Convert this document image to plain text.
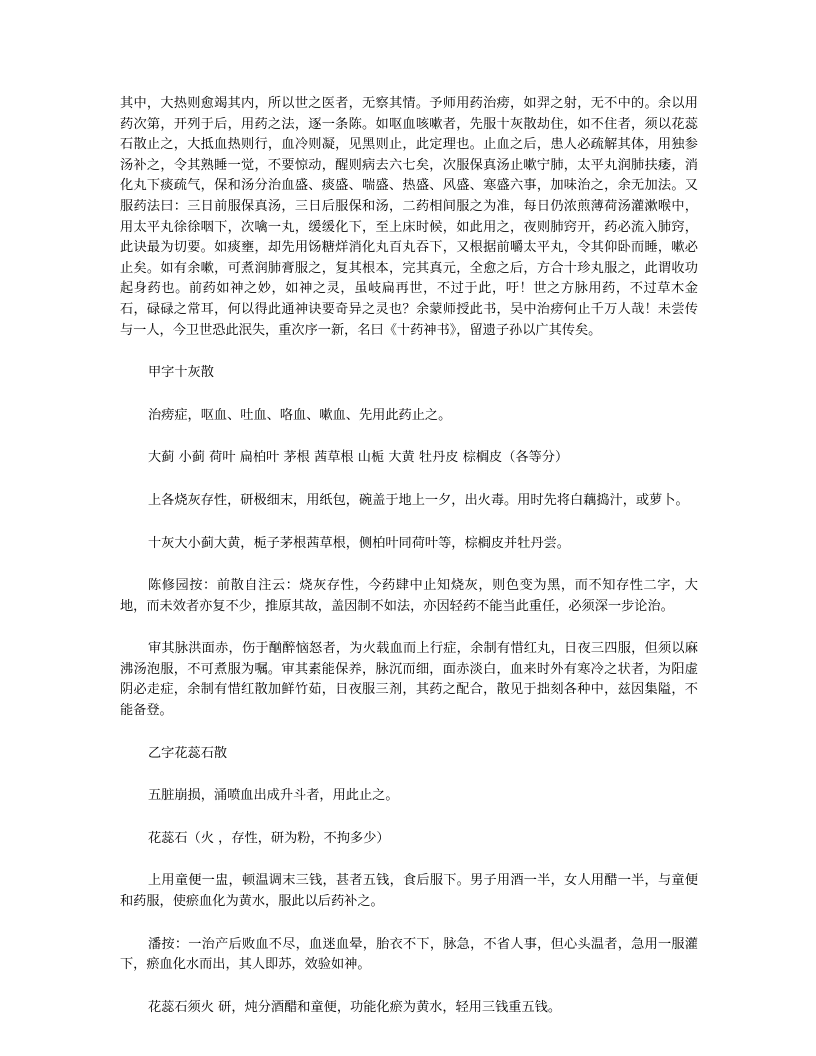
其中，大热则愈竭其内，所以世之医者，无察其情。予师用药治痨，如羿之射，无不中的。余以用药次第，开列于后，用药之法，逐一条陈。如呕血咳嗽者，先服十灰散劫住，如不住者，须以花蕊石散止之，大抵血热则行，血冷则凝，见黑则止，此定理也。止血之后，患人必疏解其体，用独参汤补之，令其熟睡一觉，不要惊动，醒则病去六七矣，次服保真汤止嗽宁肺，太平丸润肺扶痿，消化丸下痰疏气，保和汤分治血盛、痰盛、喘盛、热盛、风盛、寒盛六事，加味治之，余无加法。又服药法曰：三日前服保真汤，三日后服保和汤，二药相间服之为准，每日仍浓煎薄荷汤灌漱喉中，用太平丸徐徐咽下，次噙一丸，缓缓化下，至上床时候，如此用之，夜则肺窍开，药必流入肺窍，此诀最为切要。如痰壅，却先用饧糖烊消化丸百丸吞下，又根据前嚼太平丸，令其仰卧而睡，嗽必止矣。如有余嗽，可煮润肺膏服之，复其根本，完其真元，全愈之后，方合十珍丸服之，此谓收功起身药也。前药如神之妙，如神之灵，虽岐扁再世，不过于此，吁！世之方脉用药，不过草木金石，碌碌之常耳，何以得此通神诀要奇异之灵也？余蒙师授此书，吴中治痨何止千万人哉！未尝传与一人，今卫世恐此泯失，重次序一新，名曰《十药神书》，留遗子孙以广其传矣。

甲字十灰散

治痨症，呕血、吐血、咯血、嗽血、先用此药止之。

大蓟 小蓟 荷叶 扁柏叶 茅根 茜草根 山栀 大黄 牡丹皮 棕榈皮（各等分）

上各烧灰存性，研极细末，用纸包，碗盖于地上一夕，出火毒。用时先将白藕捣汁，或萝卜。

十灰大小蓟大黄，栀子茅根茜草根，侧柏叶同荷叶等，棕榈皮并牡丹尝。

陈修园按：前散自注云：烧灰存性，今药肆中止知烧灰，则色变为黑，而不知存性二字，大地，而未效者亦复不少，推原其故，盖因制不如法，亦因轻药不能当此重任，必须深一步论治。

审其脉洪面赤，伤于酗醉恼怒者，为火载血而上行症，余制有惜红丸，日夜三四服，但须以麻沸汤泡服，不可煮服为嘱。审其素能保养，脉沉而细，面赤淡白，血来时外有寒冷之状者，为阳虚阴必走症，余制有惜红散加鲜竹茹，日夜服三剂，其药之配合，散见于拙刻各种中，兹因集隘，不能备登。

乙字花蕊石散

五脏崩损，涌喷血出成升斗者，用此止之。

花蕊石（火 ，存性，研为粉，不拘多少）

上用童便一盅，顿温调末三钱，甚者五钱，食后服下。男子用酒一半，女人用醋一半，与童便和药服，使瘀血化为黄水，服此以后药补之。

潘按：一治产后败血不尽，血迷血晕，胎衣不下，脉急，不省人事，但心头温者，急用一服灌下，瘀血化水而出，其人即苏，效验如神。

花蕊石须火 研，炖分酒醋和童便，功能化瘀为黄水，轻用三钱重五钱。
